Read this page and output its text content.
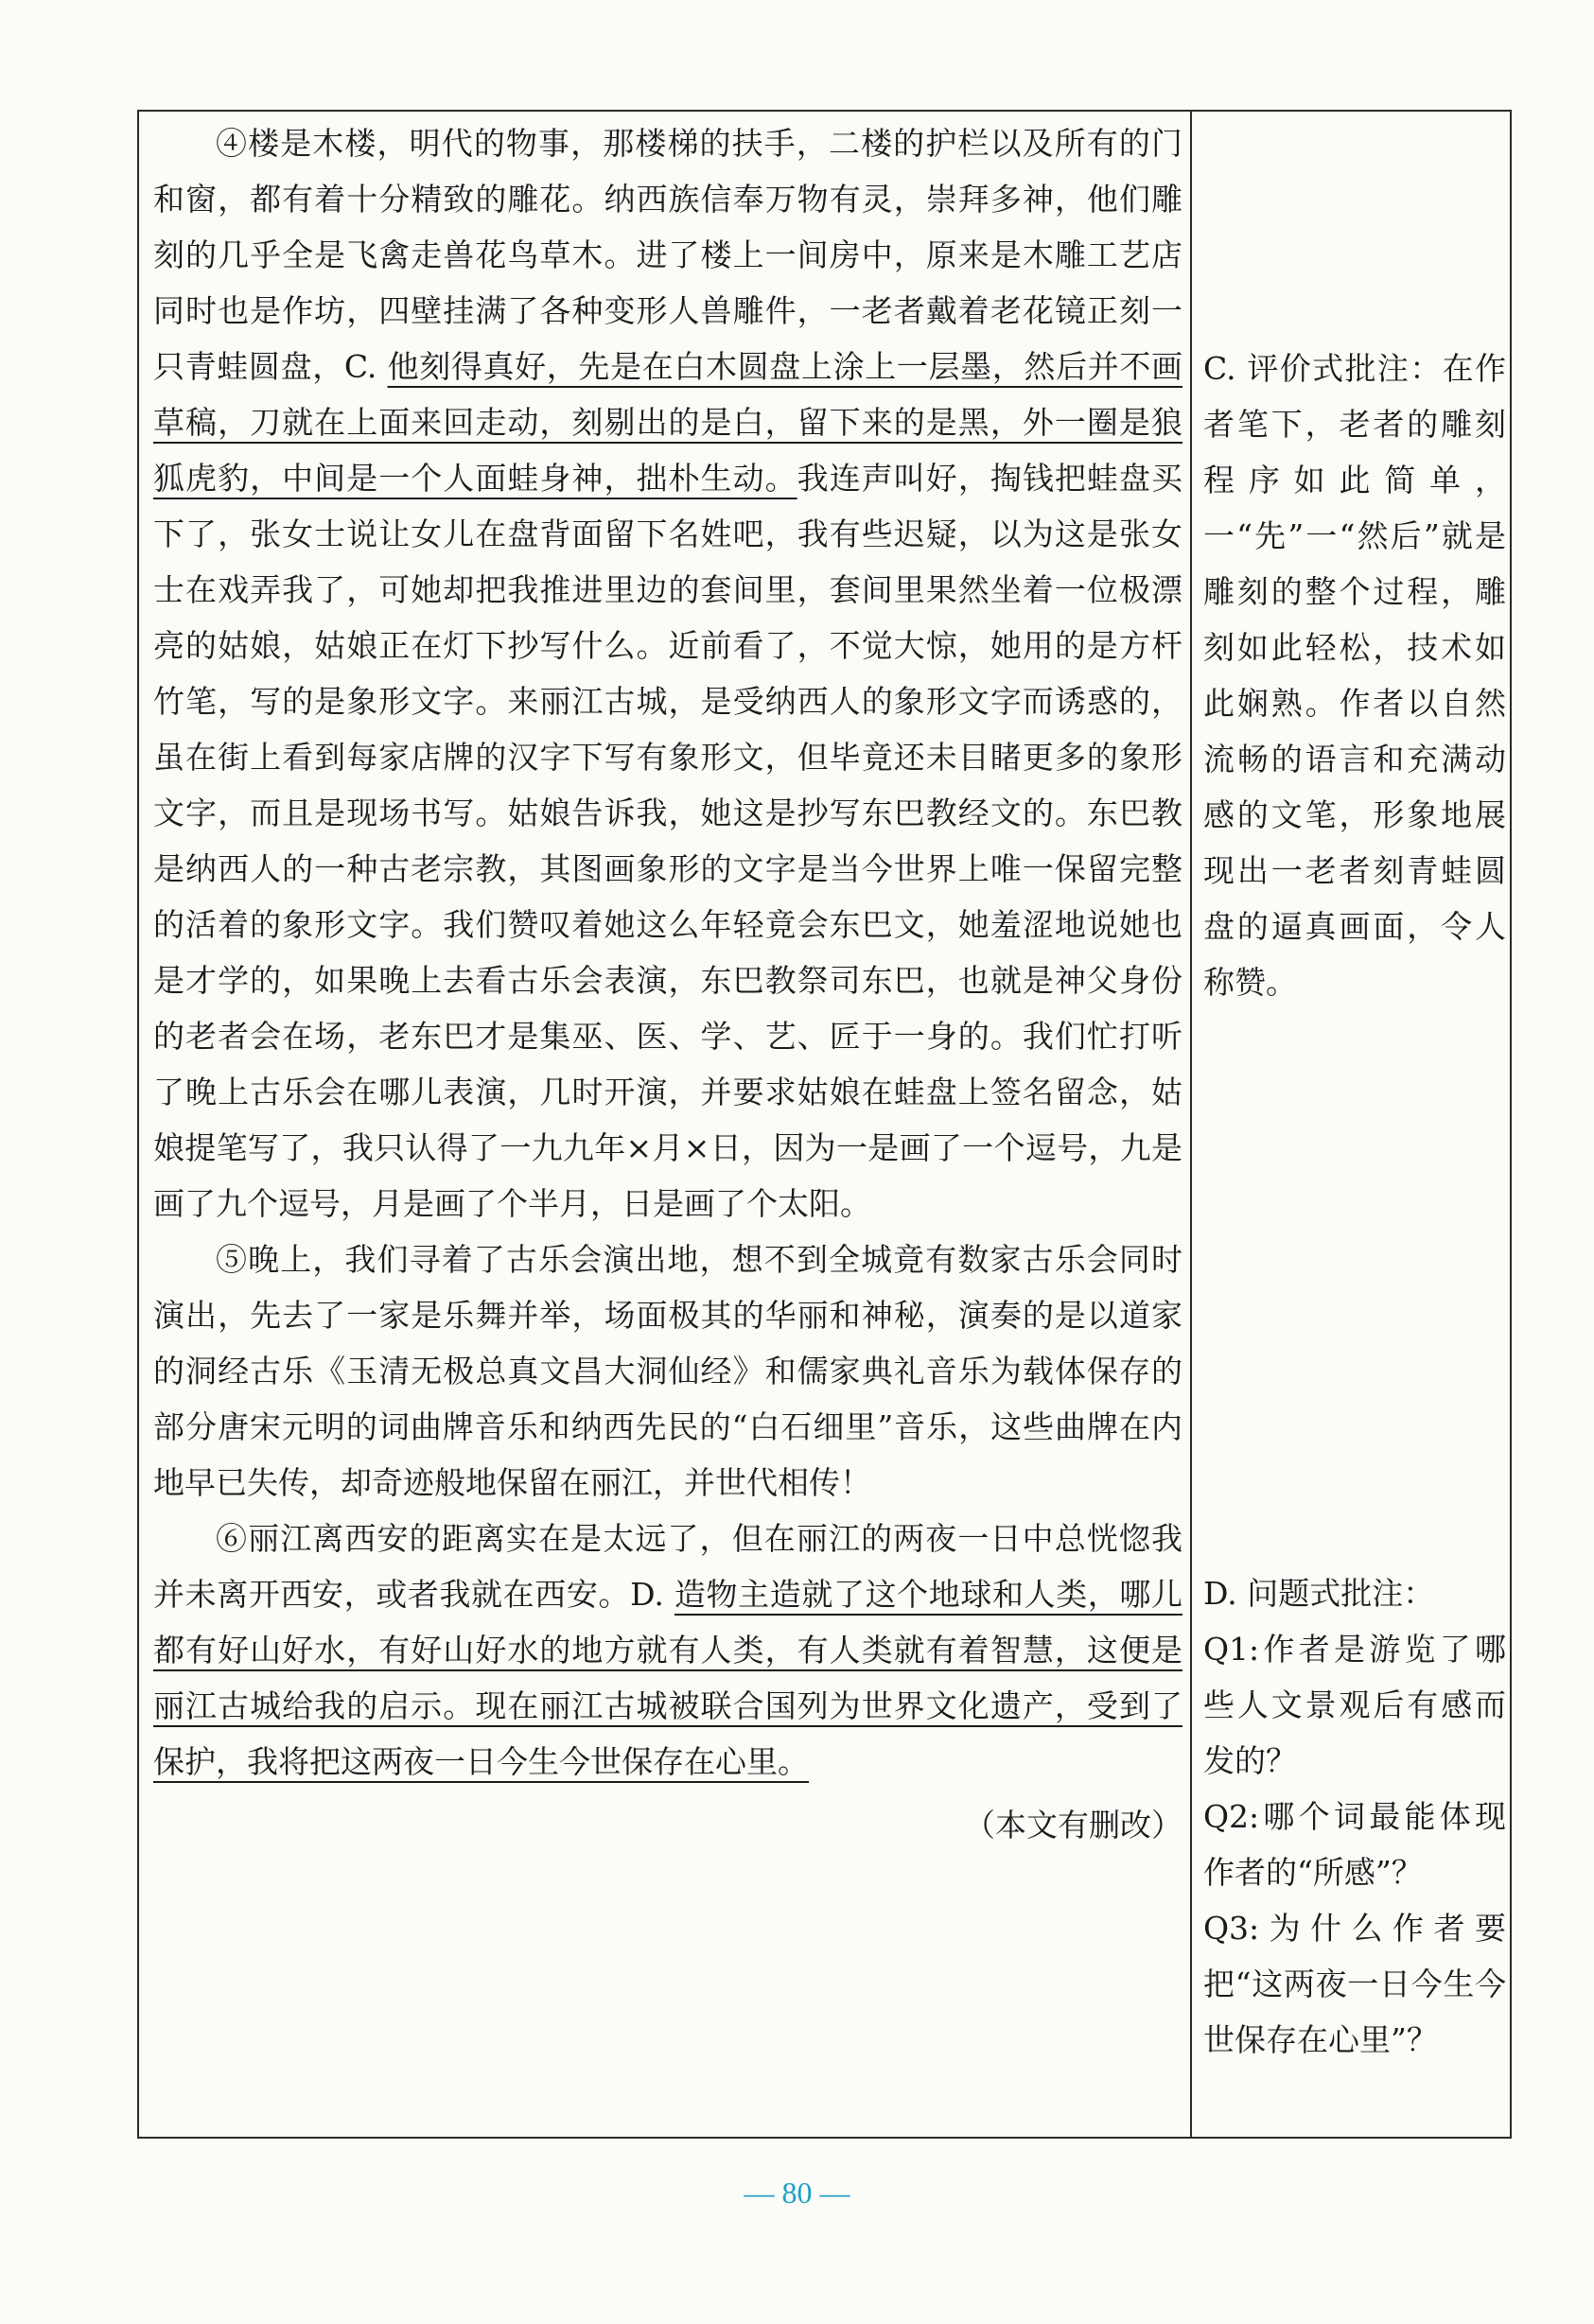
④楼是木楼，明代的物事，那楼梯的扶手，二楼的护栏以及所有的门和窗，都有着十分精致的雕花。纳西族信奉万物有灵，崇拜多神，他们雕刻的几乎全是飞禽走兽花鸟草木。进了楼上一间房中，原来是木雕工艺店同时也是作坊，四壁挂满了各种变形人兽雕件，一老者戴着老花镜正刻一只青蛙圆盘，C. 他刻得真好，先是在白木圆盘上涂上一层墨，然后并不画草稿，刀就在上面来回走动，刻剔出的是白，留下来的是黑，外一圈是狼狐虎豹，中间是一个人面蛙身神，拙朴生动。我连声叫好，掏钱把蛙盘买下了，张女士说让女儿在盘背面留下名姓吧，我有些迟疑，以为这是张女士在戏弄我了，可她却把我推进里边的套间里，套间里果然坐着一位极漂亮的姑娘，姑娘正在灯下抄写什么。近前看了，不觉大惊，她用的是方杆竹笔，写的是象形文字。来丽江古城，是受纳西人的象形文字而诱惑的，虽在街上看到每家店牌的汉字下写有象形文，但毕竟还未目睹更多的象形文字，而且是现场书写。姑娘告诉我，她这是抄写东巴教经文的。东巴教是纳西人的一种古老宗教，其图画象形的文字是当今世界上唯一保留完整的活着的象形文字。我们赞叹着她这么年轻竟会东巴文，她羞涩地说她也是才学的，如果晚上去看古乐会表演，东巴教祭司东巴，也就是神父身份的老者会在场，老东巴才是集巫、医、学、艺、匠于一身的。我们忙打听了晚上古乐会在哪儿表演，几时开演，并要求姑娘在蛙盘上签名留念，姑娘提笔写了，我只认得了一九九年×月×日，因为一是画了一个逗号，九是画了九个逗号，月是画了个半月，日是画了个太阳。

⑤晚上，我们寻着了古乐会演出地，想不到全城竟有数家古乐会同时演出，先去了一家是乐舞并举，场面极其的华丽和神秘，演奏的是以道家的洞经古乐《玉清无极总真文昌大洞仙经》和儒家典礼音乐为载体保存的部分唐宋元明的词曲牌音乐和纳西先民的“白石细里”音乐，这些曲牌在内地早已失传，却奇迹般地保留在丽江，并世代相传！

⑥丽江离西安的距离实在是太远了，但在丽江的两夜一日中总恍惚我并未离开西安，或者我就在西安。D. 造物主造就了这个地球和人类，哪儿都有好山好水，有好山好水的地方就有人类，有人类就有着智慧，这便是丽江古城给我的启示。现在丽江古城被联合国列为世界文化遗产，受到了保护，我将把这两夜一日今生今世保存在心里。

（本文有删改）

C. 评价式批注：在作者笔下，老者的雕刻程序如此简单，一“先”一“然后”就是雕刻的整个过程，雕刻如此轻松，技术如此娴熟。作者以自然流畅的语言和充满动感的文笔，形象地展现出一老者刻青蛙圆盘的逼真画面，令人称赞。

D. 问题式批注：

Q1:作者是游览了哪些人文景观后有感而发的？

Q2:哪个词最能体现作者的“所感”？

Q3:为什么作者要把“这两夜一日今生今世保存在心里”？

— 80 —
